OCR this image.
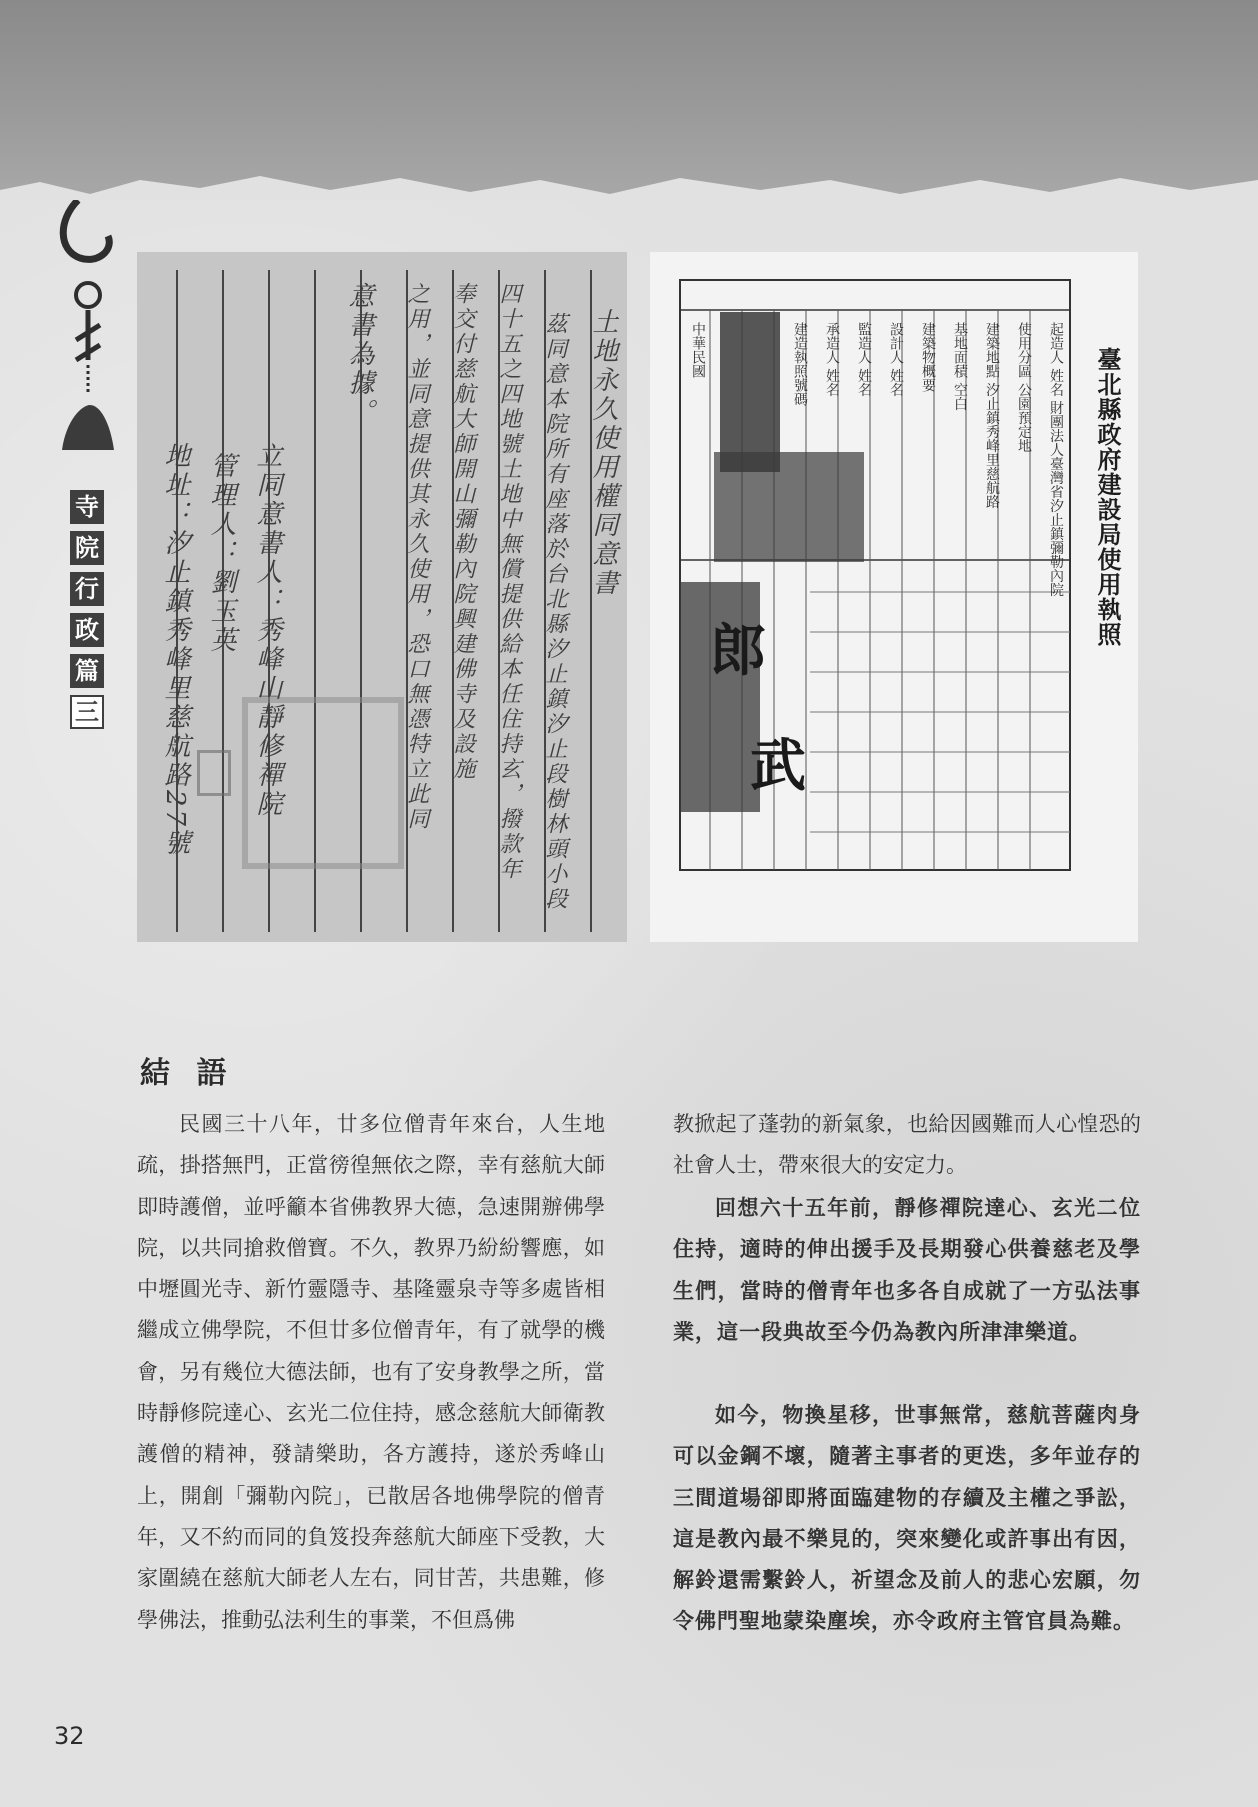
寺
院
行
政
篇
三
土地永久使用權同意書
茲同意本院所有座落於台北縣汐止鎮汐止段樹林頭小段
四十五之四地號土地中無償提供給本任住持玄，撥款年
奉交付慈航大師開山彌勒內院興建佛寺及設施
之用，並同意提供其永久使用，恐口無憑特立此同
意書為據。
立同意書人：秀峰山靜修禪院
管理人：劉玉英
地址：汐止鎮秀峰里慈航路27號	郎
武
臺北縣政府建設局使用執照
起造人 姓名 財團法人臺灣省汐止鎮彌勒內院
使用分區 公園預定地
建築地點 汐止鎮秀峰里慈航路
基地面積 空白
建築物概要
設計人 姓名
監造人 姓名
承造人 姓名
建造執照號碼
中華民國
結 語

民國三十八年，廿多位僧青年來台，人生地疏，掛搭無門，正當徬徨無依之際，幸有慈航大師即時護僧，並呼籲本省佛教界大德，急速開辦佛學院，以共同搶救僧寶。不久，教界乃紛紛響應，如中壢圓光寺、新竹靈隱寺、基隆靈泉寺等多處皆相繼成立佛學院，不但廿多位僧青年，有了就學的機會，另有幾位大德法師，也有了安身教學之所，當時靜修院達心、玄光二位住持，感念慈航大師衛教護僧的精神，發請樂助，各方護持，遂於秀峰山上，開創「彌勒內院」，已散居各地佛學院的僧青年，又不約而同的負笈投奔慈航大師座下受教，大家圍繞在慈航大師老人左右，同甘苦，共患難，修學佛法，推動弘法利生的事業，不但爲佛

教掀起了蓬勃的新氣象，也給因國難而人心惶恐的社會人士，帶來很大的安定力。

回想六十五年前，靜修禪院達心、玄光二位住持，適時的伸出援手及長期發心供養慈老及學生們，當時的僧青年也多各自成就了一方弘法事業，這一段典故至今仍為教內所津津樂道。

如今，物換星移，世事無常，慈航菩薩肉身可以金鋼不壞，隨著主事者的更迭，多年並存的三間道場卻即將面臨建物的存續及主權之爭訟，這是教內最不樂見的，突來變化或許事出有因，解鈴還需繫鈴人，祈望念及前人的悲心宏願，勿令佛門聖地蒙染塵埃，亦令政府主管官員為難。

32
